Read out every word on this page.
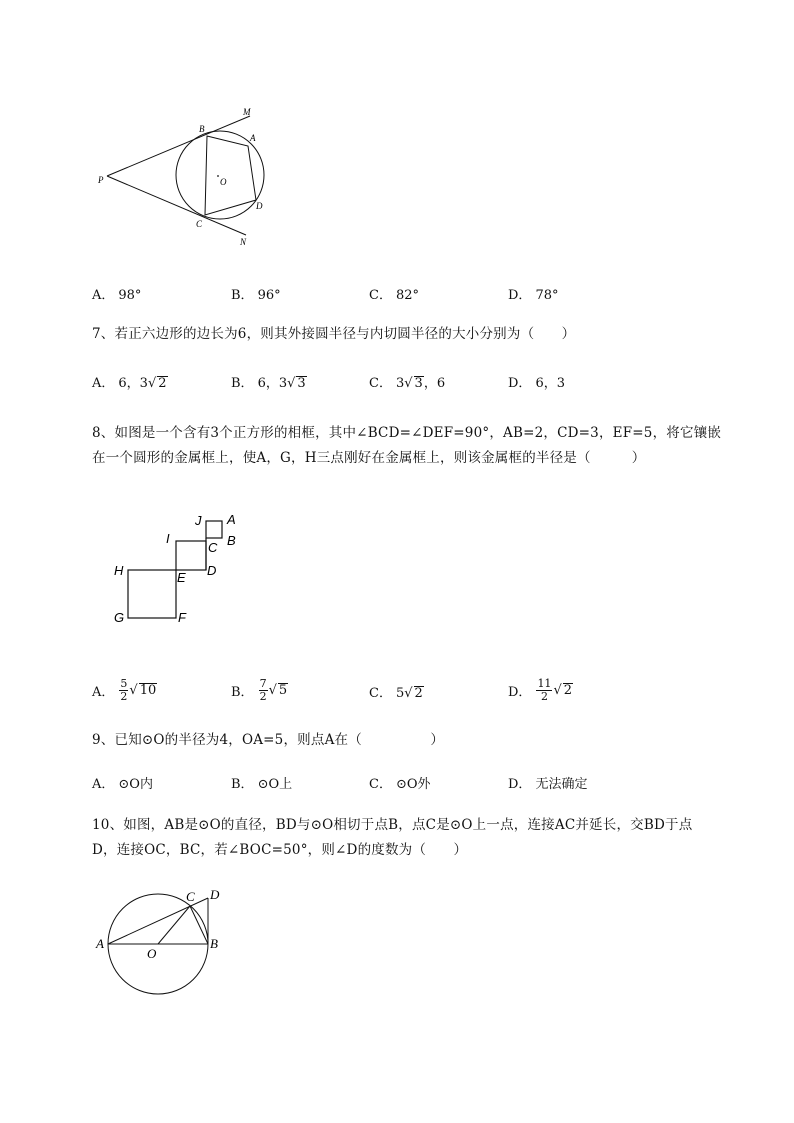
M
B
A
P	O
D
C
N
A． 98°	B． 96°	C． 82°	D． 78°
7、若正六边形的边长为6，则其外接圆半径与内切圆半径的大小分别为（　　）
A． 6，3√ 2	B． 6，3√ 3	C． 3√ 3，6	D． 6，3
8、如图是一个含有3个正方形的相框，其中∠BCD=∠DEF=90°，AB=2，CD=3，EF=5，将它镶嵌
在一个圆形的金属框上，使A，G，H三点刚好在金属框上，则该金属框的半径是（　　　）
J A
I
C B
H	E D
G	F
A． $\frac{5}{2}$ √ 10	B． $\frac{7}{2}$ √ 5	C． 5√ 2	D． $\frac{11}{2}$ √ 2
9、已知⊙O的半径为4，OA=5，则点A在（　　　　　）
A． ⊙O内	B． ⊙O上	C． ⊙O外	D． 无法确定
10、如图，AB是⊙O的直径，BD与⊙O相切于点B，点C是⊙O上一点，连接AC并延长，交BD于点
D，连接OC，BC，若∠BOC=50°，则∠D的度数为（　　）
C D
A
O
B
